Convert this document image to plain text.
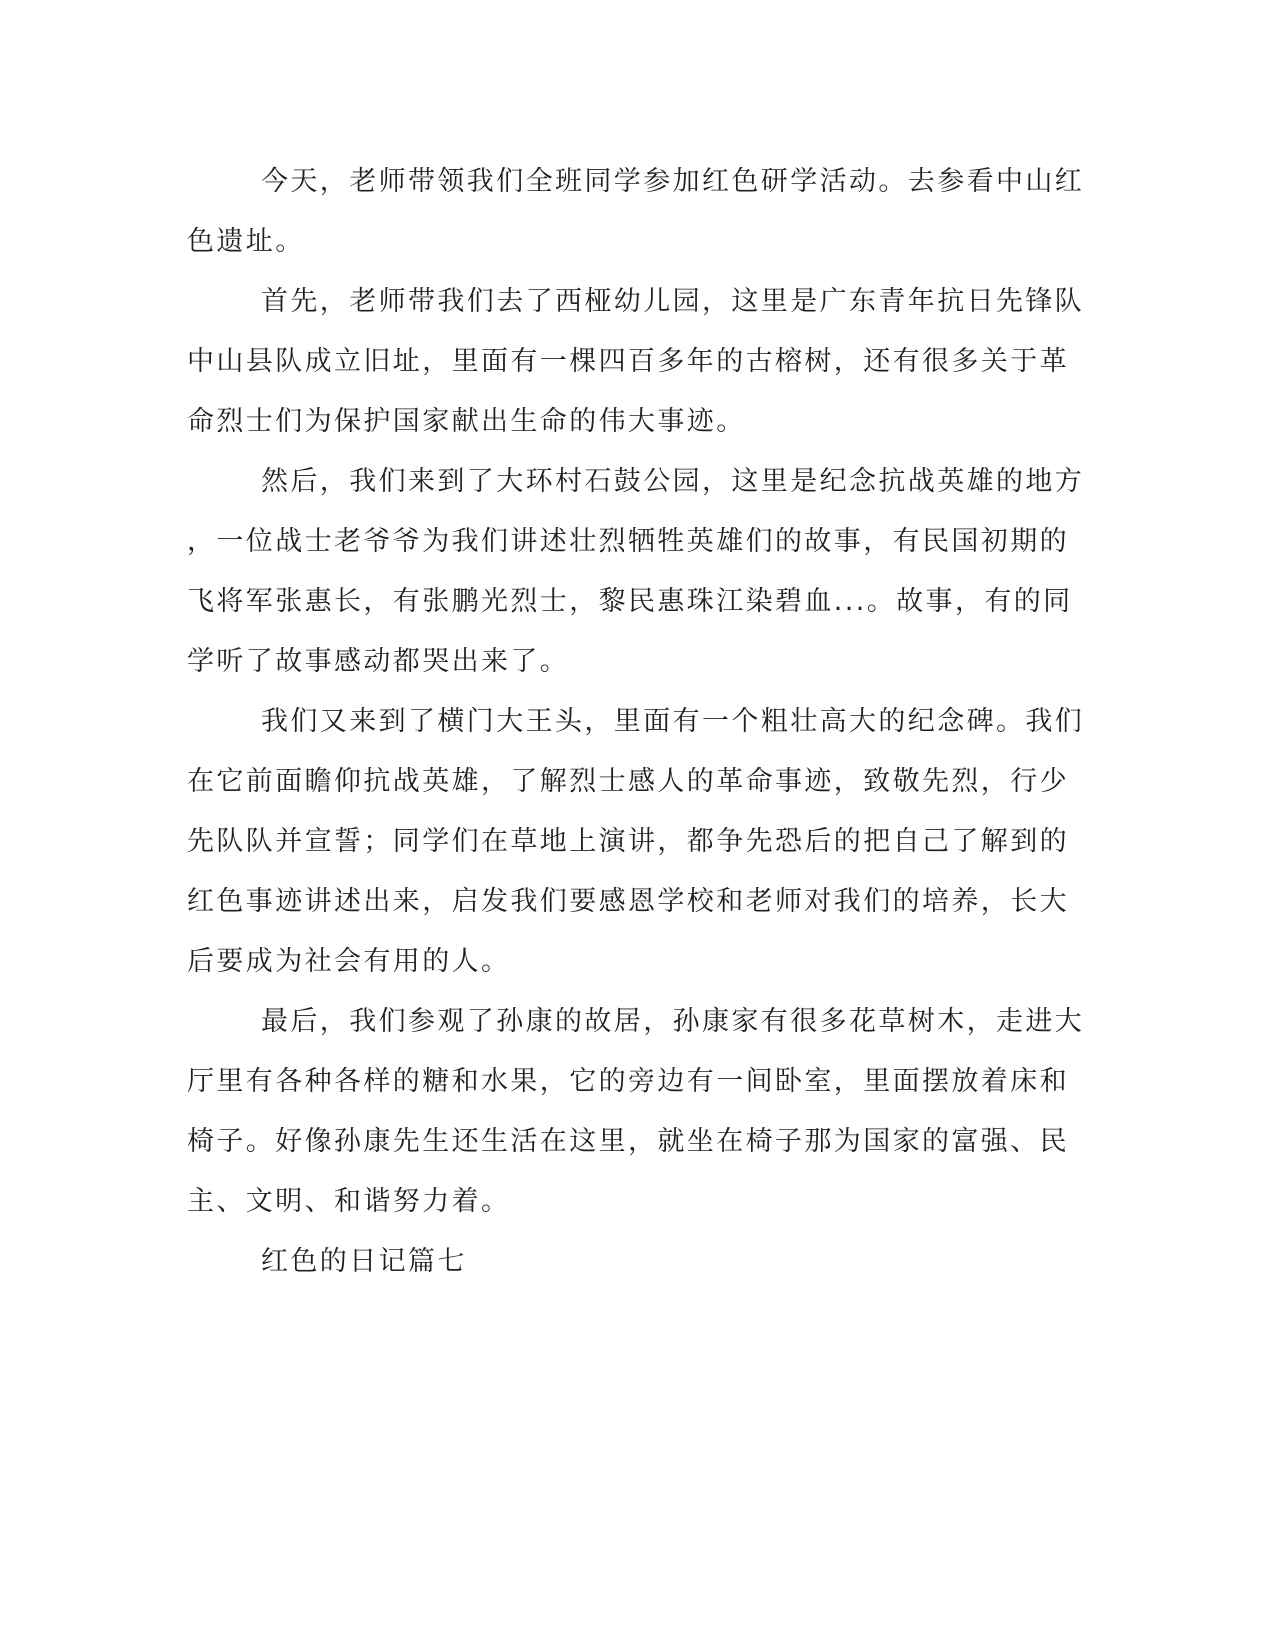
今天，老师带领我们全班同学参加红色研学活动。去参看中山红
色遗址。
首先，老师带我们去了西桠幼儿园，这里是广东青年抗日先锋队
中山县队成立旧址，里面有一棵四百多年的古榕树，还有很多关于革
命烈士们为保护国家献出生命的伟大事迹。
然后，我们来到了大环村石鼓公园，这里是纪念抗战英雄的地方
，一位战士老爷爷为我们讲述壮烈牺牲英雄们的故事，有民国初期的
飞将军张惠长，有张鹏光烈士，黎民惠珠江染碧血...。故事，有的同
学听了故事感动都哭出来了。
我们又来到了横门大王头，里面有一个粗壮高大的纪念碑。我们
在它前面瞻仰抗战英雄，了解烈士感人的革命事迹，致敬先烈，行少
先队队并宣誓；同学们在草地上演讲，都争先恐后的把自己了解到的
红色事迹讲述出来，启发我们要感恩学校和老师对我们的培养，长大
后要成为社会有用的人。
最后，我们参观了孙康的故居，孙康家有很多花草树木，走进大
厅里有各种各样的糖和水果，它的旁边有一间卧室，里面摆放着床和
椅子。好像孙康先生还生活在这里，就坐在椅子那为国家的富强、民
主、文明、和谐努力着。
红色的日记篇七
